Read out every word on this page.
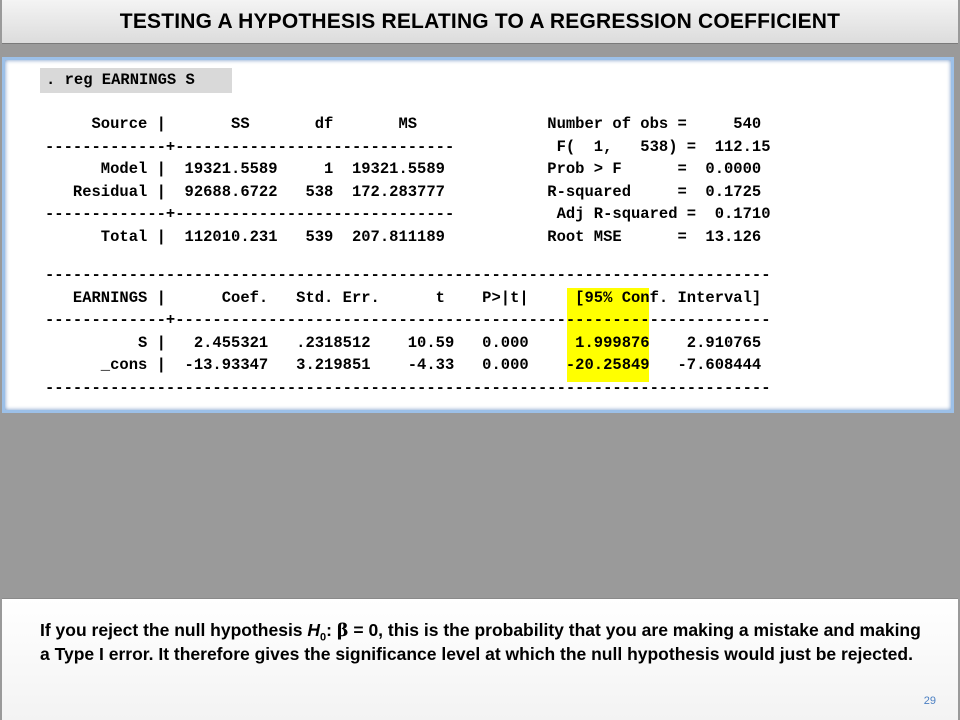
TESTING A HYPOTHESIS RELATING TO A REGRESSION COEFFICIENT
. reg EARNINGS S
Source |       SS       df       MS              Number of obs =     540
-------------+------------------------------           F(  1,   538) =  112.15
Model |  19321.5589     1  19321.5589           Prob > F      =  0.0000
Residual |  92688.6722   538  172.283777           R-squared     =  0.1725
-------------+------------------------------           Adj R-squared =  0.1710
Total |  112010.231   539  207.811189           Root MSE      =  13.126
------------------------------------------------------------------------------
EARNINGS |      Coef.   Std. Err.      t    P>|t|     [95% Conf. Interval]
-------------+----------------------------------------------------------------
S |   2.455321   .2318512    10.59   0.000     1.999876    2.910765
_cons |  -13.93347   3.219851    -4.33   0.000    -20.25849   -7.608444
------------------------------------------------------------------------------

If you reject the null hypothesis $H_0$: β = 0, this is the probability that you are making a mistake and making a Type I error. It therefore gives the significance level at which the null hypothesis would just be rejected.

29
